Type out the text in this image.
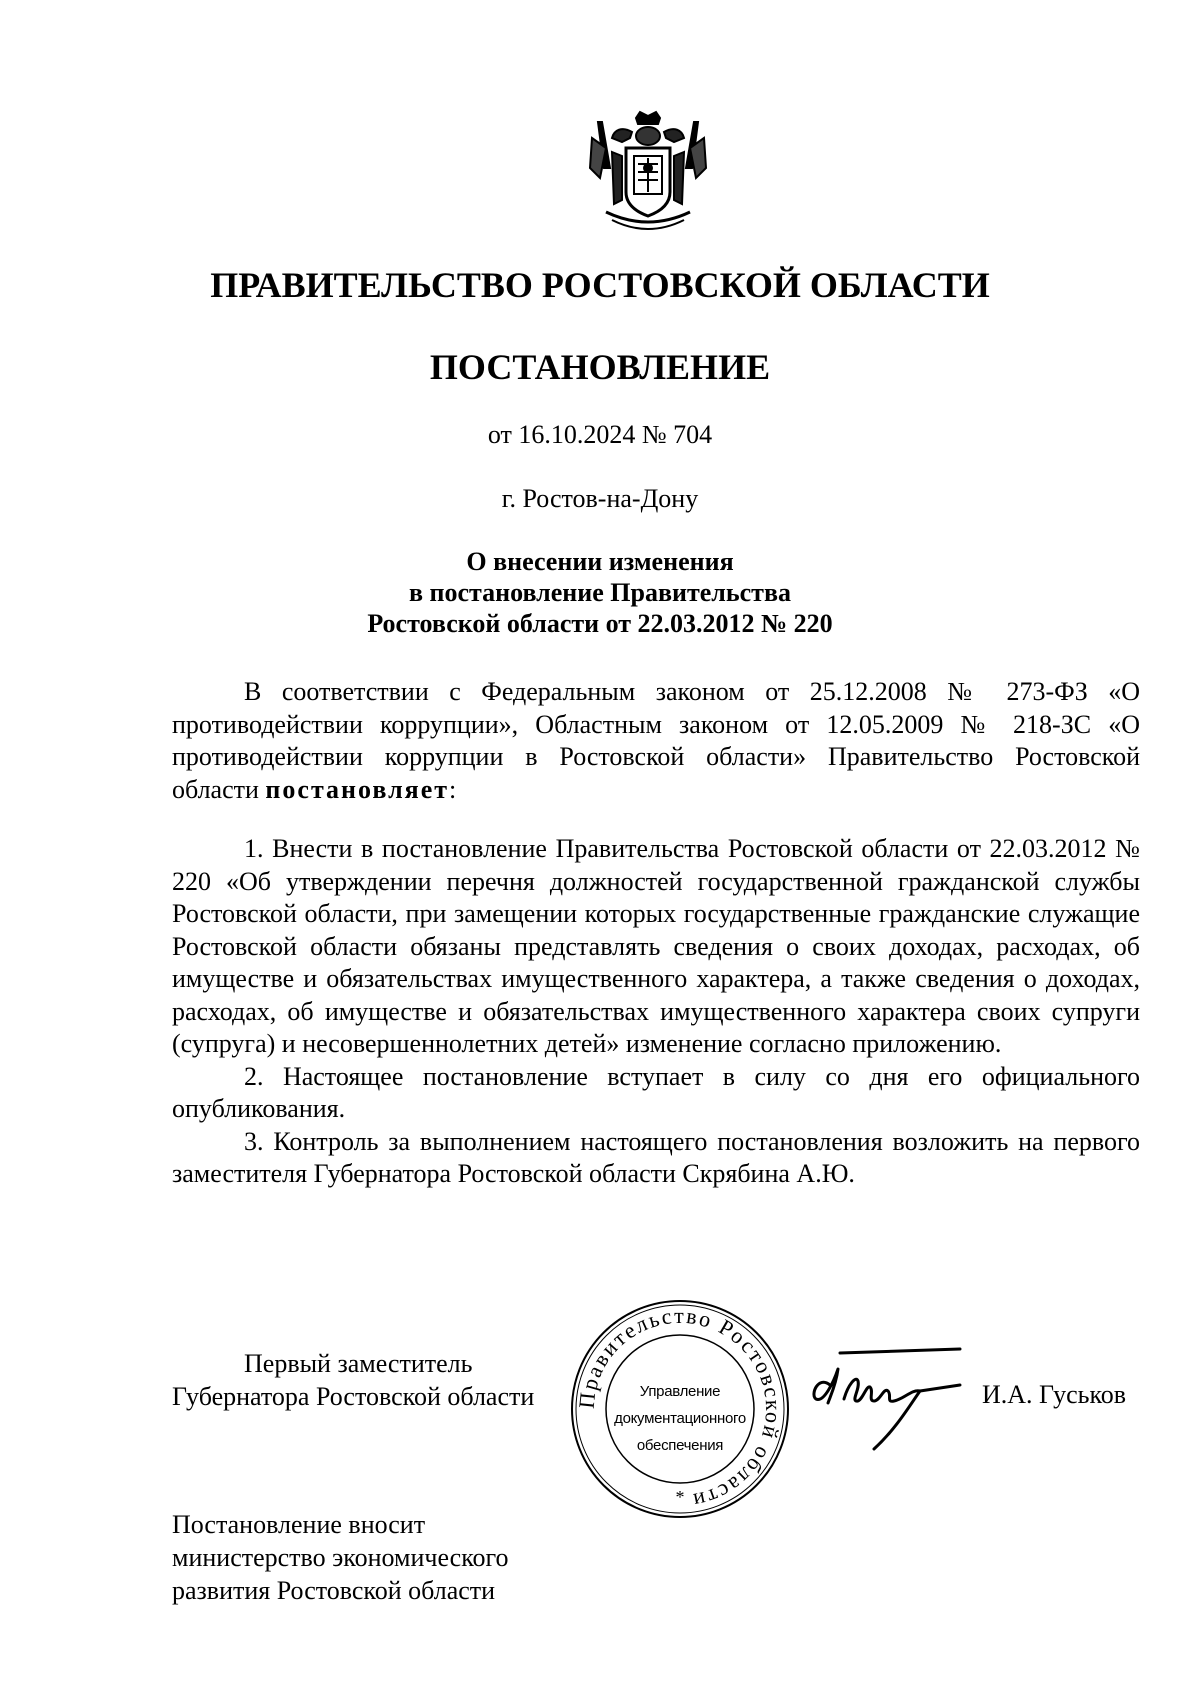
ПРАВИТЕЛЬСТВО РОСТОВСКОЙ ОБЛАСТИ
ПОСТАНОВЛЕНИЕ
от 16.10.2024 № 704
г. Ростов-на-Дону
О внесении изменения
в постановление Правительства
Ростовской области от 22.03.2012 № 220

В соответствии с Федеральным законом от 25.12.2008 № 273-ФЗ «О противодействии коррупции», Областным законом от 12.05.2009 № 218-ЗС «О противодействии коррупции в Ростовской области» Правительство Ростовской области постановляет:

1. Внести в постановление Правительства Ростовской области от 22.03.2012 № 220 «Об утверждении перечня должностей государственной гражданской службы Ростовской области, при замещении которых государственные гражданские служащие Ростовской области обязаны представлять сведения о своих доходах, расходах, об имуществе и обязательствах имущественного характера, а также сведения о доходах, расходах, об имуществе и обязательствах имущественного характера своих супруги (супруга) и несовершеннолетних детей» изменение согласно приложению.

2. Настоящее постановление вступает в силу со дня его официального опубликования.

3. Контроль за выполнением настоящего постановления возложить на первого заместителя Губернатора Ростовской области Скрябина А.Ю.

Первый заместитель
Губернатора Ростовской области Правительство Ростовской области
*
Управление
документационного
обеспечения
И.А. Гуськов
Постановление вносит
министерство экономического
развития Ростовской области
